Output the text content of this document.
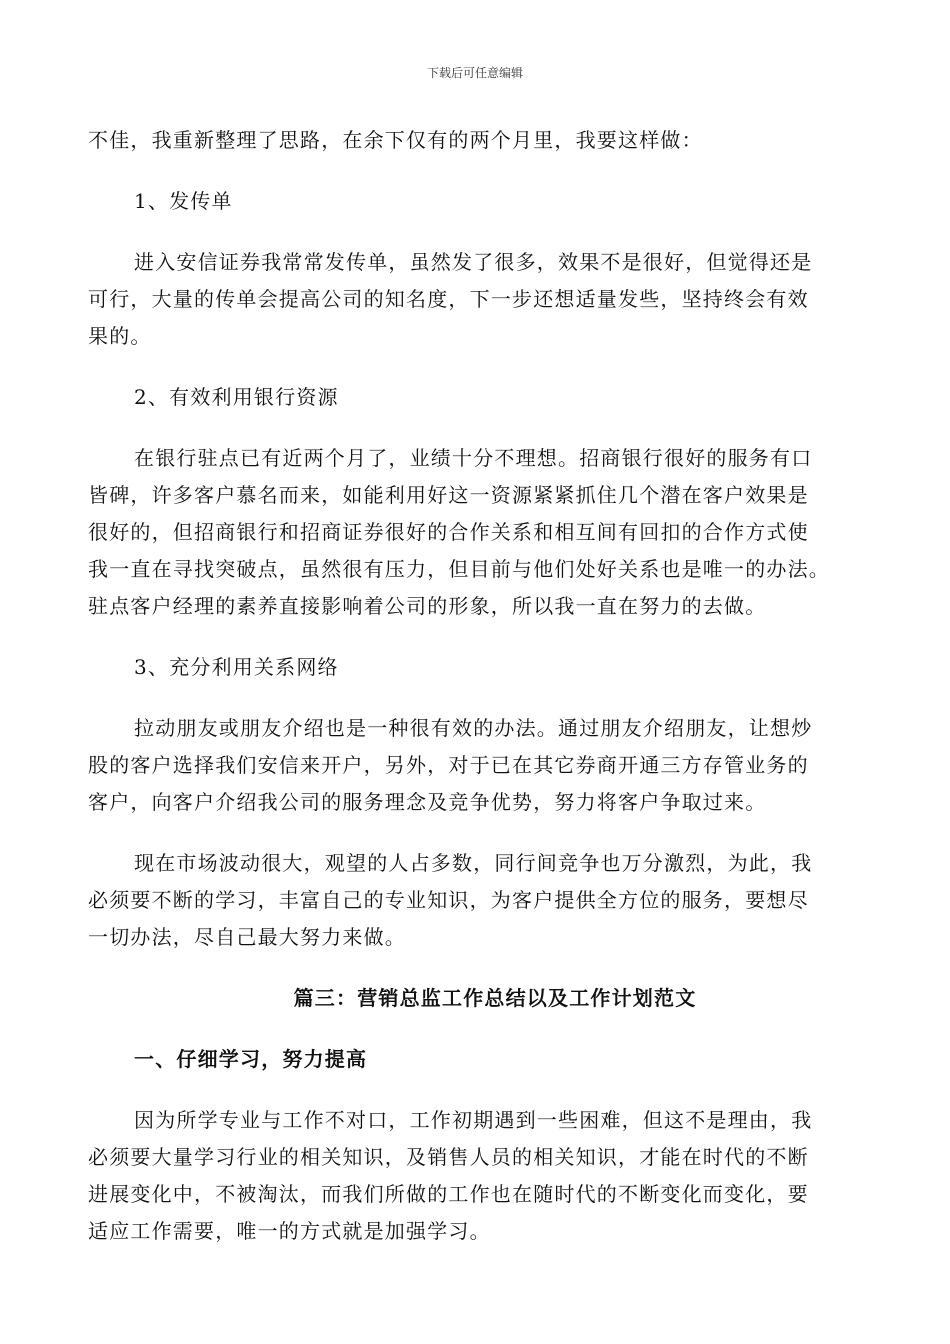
下载后可任意编辑
不佳，我重新整理了思路，在余下仅有的两个月里，我要这样做：
1、发传单
进入安信证券我常常发传单，虽然发了很多，效果不是很好，但觉得还是
可行，大量的传单会提高公司的知名度，下一步还想适量发些，坚持终会有效
果的。
2、有效利用银行资源
在银行驻点已有近两个月了，业绩十分不理想。招商银行很好的服务有口
皆碑，许多客户慕名而来，如能利用好这一资源紧紧抓住几个潜在客户效果是
很好的，但招商银行和招商证券很好的合作关系和相互间有回扣的合作方式使
我一直在寻找突破点，虽然很有压力，但目前与他们处好关系也是唯一的办法。
驻点客户经理的素养直接影响着公司的形象，所以我一直在努力的去做。
3、充分利用关系网络
拉动朋友或朋友介绍也是一种很有效的办法。通过朋友介绍朋友，让想炒
股的客户选择我们安信来开户，另外，对于已在其它券商开通三方存管业务的
客户，向客户介绍我公司的服务理念及竞争优势，努力将客户争取过来。
现在市场波动很大，观望的人占多数，同行间竞争也万分激烈，为此，我
必须要不断的学习，丰富自己的专业知识，为客户提供全方位的服务，要想尽
一切办法，尽自己最大努力来做。
篇三：营销总监工作总结以及工作计划范文
一、仔细学习，努力提高
因为所学专业与工作不对口，工作初期遇到一些困难，但这不是理由，我
必须要大量学习行业的相关知识，及销售人员的相关知识，才能在时代的不断
进展变化中，不被淘汰，而我们所做的工作也在随时代的不断变化而变化，要
适应工作需要，唯一的方式就是加强学习。
